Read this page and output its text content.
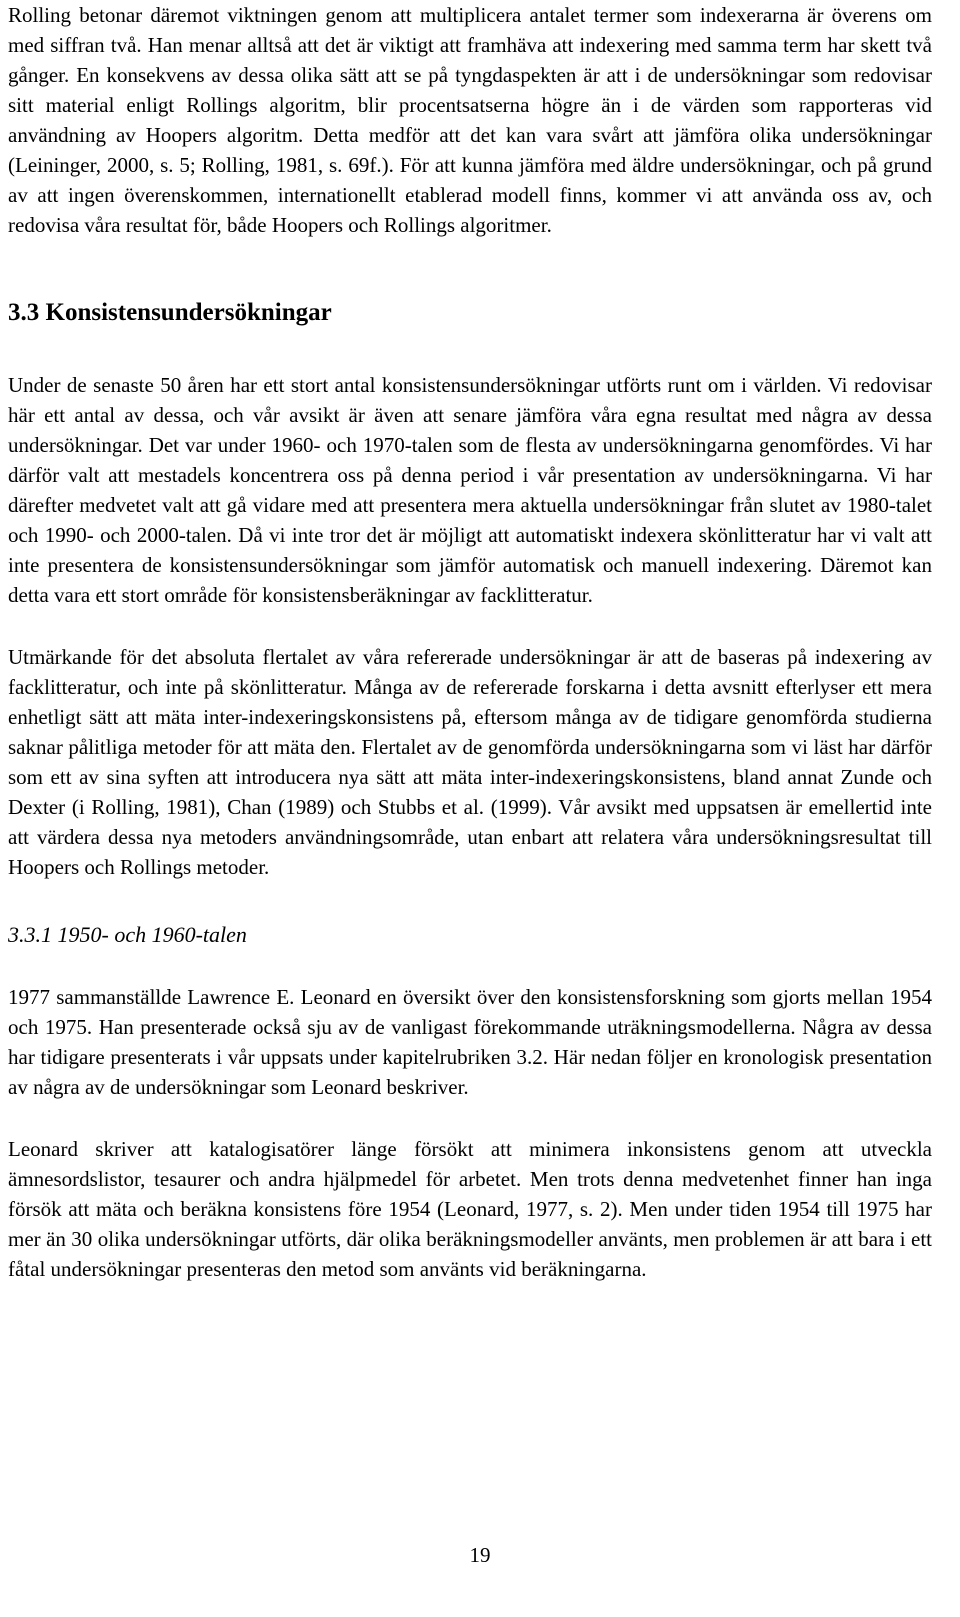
Rolling betonar däremot viktningen genom att multiplicera antalet termer som indexerarna är överens om med siffran två. Han menar alltså att det är viktigt att framhäva att indexering med samma term har skett två gånger. En konsekvens av dessa olika sätt att se på tyngdaspekten är att i de undersökningar som redovisar sitt material enligt Rollings algoritm, blir procentsatserna högre än i de värden som rapporteras vid användning av Hoopers algoritm. Detta medför att det kan vara svårt att jämföra olika undersökningar (Leininger, 2000, s. 5; Rolling, 1981, s. 69f.). För att kunna jämföra med äldre undersökningar, och på grund av att ingen överenskommen, internationellt etablerad modell finns, kommer vi att använda oss av, och redovisa våra resultat för, både Hoopers och Rollings algoritmer.

3.3 Konsistensundersökningar

Under de senaste 50 åren har ett stort antal konsistensundersökningar utförts runt om i världen. Vi redovisar här ett antal av dessa, och vår avsikt är även att senare jämföra våra egna resultat med några av dessa undersökningar. Det var under 1960- och 1970-talen som de flesta av undersökningarna genomfördes. Vi har därför valt att mestadels koncentrera oss på denna period i vår presentation av undersökningarna. Vi har därefter medvetet valt att gå vidare med att presentera mera aktuella undersökningar från slutet av 1980-talet och 1990- och 2000-talen. Då vi inte tror det är möjligt att automatiskt indexera skönlitteratur har vi valt att inte presentera de konsistensundersökningar som jämför automatisk och manuell indexering. Däremot kan detta vara ett stort område för konsistensberäkningar av facklitteratur.

Utmärkande för det absoluta flertalet av våra refererade undersökningar är att de baseras på indexering av facklitteratur, och inte på skönlitteratur. Många av de refererade forskarna i detta avsnitt efterlyser ett mera enhetligt sätt att mäta inter-indexeringskonsistens på, eftersom många av de tidigare genomförda studierna saknar pålitliga metoder för att mäta den. Flertalet av de genomförda undersökningarna som vi läst har därför som ett av sina syften att introducera nya sätt att mäta inter-indexeringskonsistens, bland annat Zunde och Dexter (i Rolling, 1981), Chan (1989) och Stubbs et al. (1999). Vår avsikt med uppsatsen är emellertid inte att värdera dessa nya metoders användningsområde, utan enbart att relatera våra undersökningsresultat till Hoopers och Rollings metoder.

3.3.1 1950- och 1960-talen

1977 sammanställde Lawrence E. Leonard en översikt över den konsistensforskning som gjorts mellan 1954 och 1975. Han presenterade också sju av de vanligast förekommande uträkningsmodellerna. Några av dessa har tidigare presenterats i vår uppsats under kapitelrubriken 3.2. Här nedan följer en kronologisk presentation av några av de undersökningar som Leonard beskriver.

Leonard skriver att katalogisatörer länge försökt att minimera inkonsistens genom att utveckla ämnesordslistor, tesaurer och andra hjälpmedel för arbetet. Men trots denna medvetenhet finner han inga försök att mäta och beräkna konsistens före 1954 (Leonard, 1977, s. 2). Men under tiden 1954 till 1975 har mer än 30 olika undersökningar utförts, där olika beräkningsmodeller använts, men problemen är att bara i ett fåtal undersökningar presenteras den metod som använts vid beräkningarna.

19
